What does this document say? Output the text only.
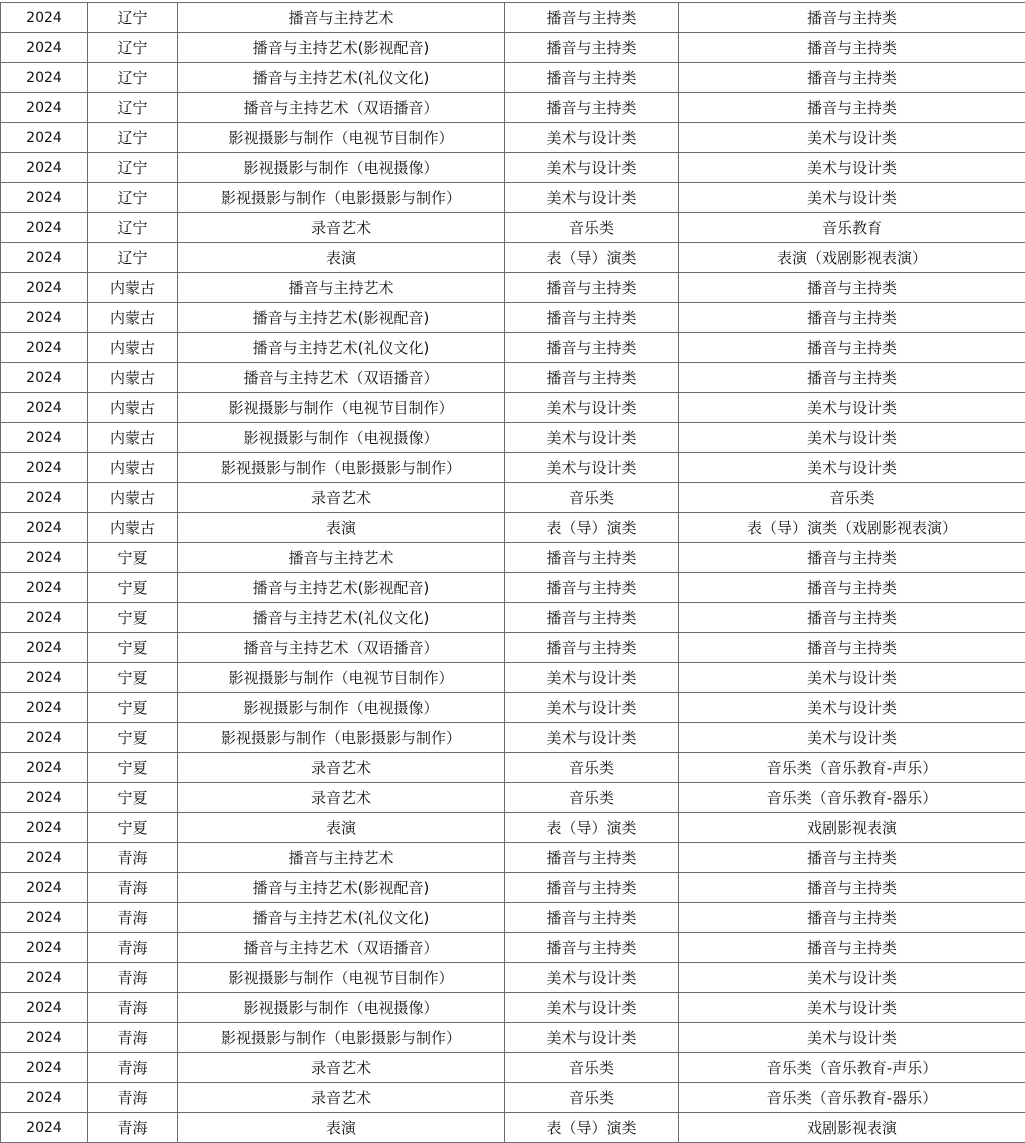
2024	辽宁	播音与主持艺术	播音与主持类	播音与主持类
2024	辽宁	播音与主持艺术(影视配音)	播音与主持类	播音与主持类
2024	辽宁	播音与主持艺术(礼仪文化)	播音与主持类	播音与主持类
2024	辽宁	播音与主持艺术（双语播音）	播音与主持类	播音与主持类
2024	辽宁	影视摄影与制作（电视节目制作）	美术与设计类	美术与设计类
2024	辽宁	影视摄影与制作（电视摄像）	美术与设计类	美术与设计类
2024	辽宁	影视摄影与制作（电影摄影与制作）	美术与设计类	美术与设计类
2024	辽宁	录音艺术	音乐类	音乐教育
2024	辽宁	表演	表（导）演类	表演（戏剧影视表演）
2024	内蒙古	播音与主持艺术	播音与主持类	播音与主持类
2024	内蒙古	播音与主持艺术(影视配音)	播音与主持类	播音与主持类
2024	内蒙古	播音与主持艺术(礼仪文化)	播音与主持类	播音与主持类
2024	内蒙古	播音与主持艺术（双语播音）	播音与主持类	播音与主持类
2024	内蒙古	影视摄影与制作（电视节目制作）	美术与设计类	美术与设计类
2024	内蒙古	影视摄影与制作（电视摄像）	美术与设计类	美术与设计类
2024	内蒙古	影视摄影与制作（电影摄影与制作）	美术与设计类	美术与设计类
2024	内蒙古	录音艺术	音乐类	音乐类
2024	内蒙古	表演	表（导）演类	表（导）演类（戏剧影视表演）
2024	宁夏	播音与主持艺术	播音与主持类	播音与主持类
2024	宁夏	播音与主持艺术(影视配音)	播音与主持类	播音与主持类
2024	宁夏	播音与主持艺术(礼仪文化)	播音与主持类	播音与主持类
2024	宁夏	播音与主持艺术（双语播音）	播音与主持类	播音与主持类
2024	宁夏	影视摄影与制作（电视节目制作）	美术与设计类	美术与设计类
2024	宁夏	影视摄影与制作（电视摄像）	美术与设计类	美术与设计类
2024	宁夏	影视摄影与制作（电影摄影与制作）	美术与设计类	美术与设计类
2024	宁夏	录音艺术	音乐类	音乐类（音乐教育-声乐）
2024	宁夏	录音艺术	音乐类	音乐类（音乐教育-器乐）
2024	宁夏	表演	表（导）演类	戏剧影视表演
2024	青海	播音与主持艺术	播音与主持类	播音与主持类
2024	青海	播音与主持艺术(影视配音)	播音与主持类	播音与主持类
2024	青海	播音与主持艺术(礼仪文化)	播音与主持类	播音与主持类
2024	青海	播音与主持艺术（双语播音）	播音与主持类	播音与主持类
2024	青海	影视摄影与制作（电视节目制作）	美术与设计类	美术与设计类
2024	青海	影视摄影与制作（电视摄像）	美术与设计类	美术与设计类
2024	青海	影视摄影与制作（电影摄影与制作）	美术与设计类	美术与设计类
2024	青海	录音艺术	音乐类	音乐类（音乐教育-声乐）
2024	青海	录音艺术	音乐类	音乐类（音乐教育-器乐）
2024	青海	表演	表（导）演类	戏剧影视表演
